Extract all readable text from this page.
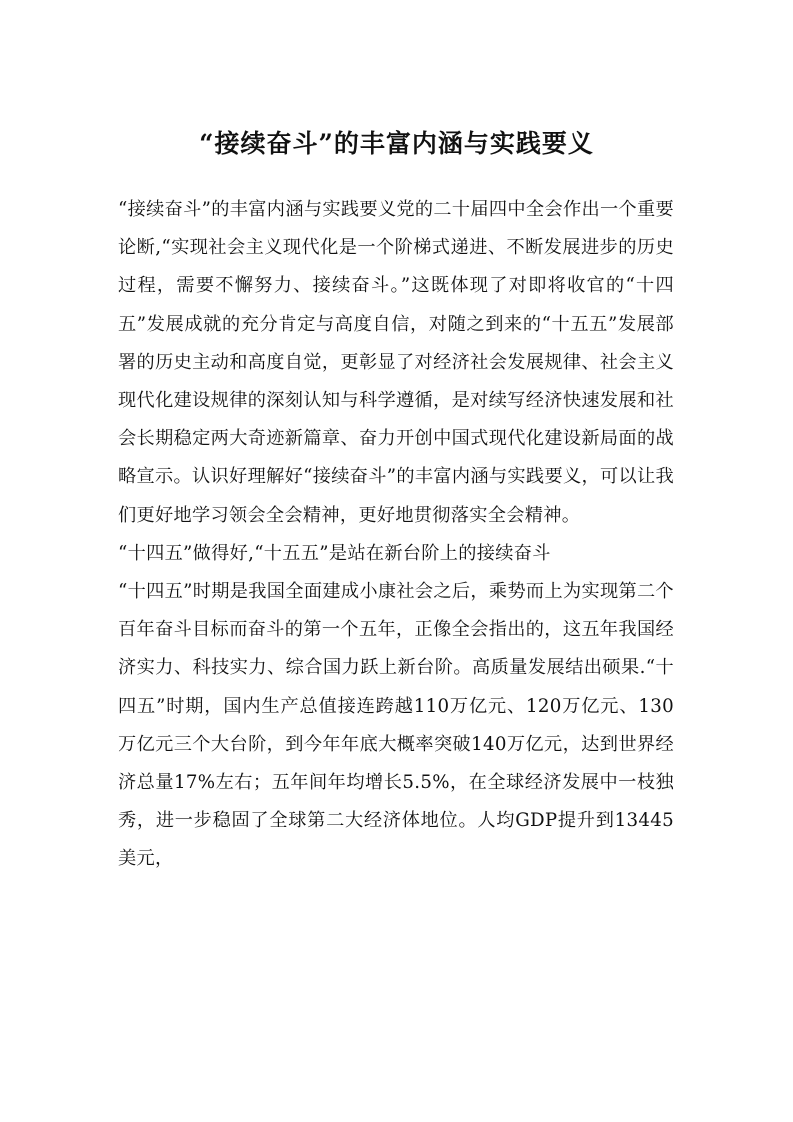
“接续奋斗”的丰富内涵与实践要义

“接续奋斗”的丰富内涵与实践要义党的二十届四中全会作出一个重要论断,“实现社会主义现代化是一个阶梯式递进、不断发展进步的历史过程，需要不懈努力、接续奋斗。”这既体现了对即将收官的“十四五”发展成就的充分肯定与高度自信，对随之到来的“十五五”发展部署的历史主动和高度自觉，更彰显了对经济社会发展规律、社会主义现代化建设规律的深刻认知与科学遵循，是对续写经济快速发展和社会长期稳定两大奇迹新篇章、奋力开创中国式现代化建设新局面的战略宣示。认识好理解好“接续奋斗”的丰富内涵与实践要义，可以让我们更好地学习领会全会精神，更好地贯彻落实全会精神。

“十四五”做得好,“十五五”是站在新台阶上的接续奋斗

“十四五”时期是我国全面建成小康社会之后，乘势而上为实现第二个百年奋斗目标而奋斗的第一个五年，正像全会指出的，这五年我国经济实力、科技实力、综合国力跃上新台阶。高质量发展结出硕果.“十四五”时期，国内生产总值接连跨越110万亿元、120万亿元、130万亿元三个大台阶，到今年年底大概率突破140万亿元，达到世界经济总量17%左右；五年间年均增长5.5%，在全球经济发展中一枝独秀，进一步稳固了全球第二大经济体地位。人均GDP提升到13445美元，
